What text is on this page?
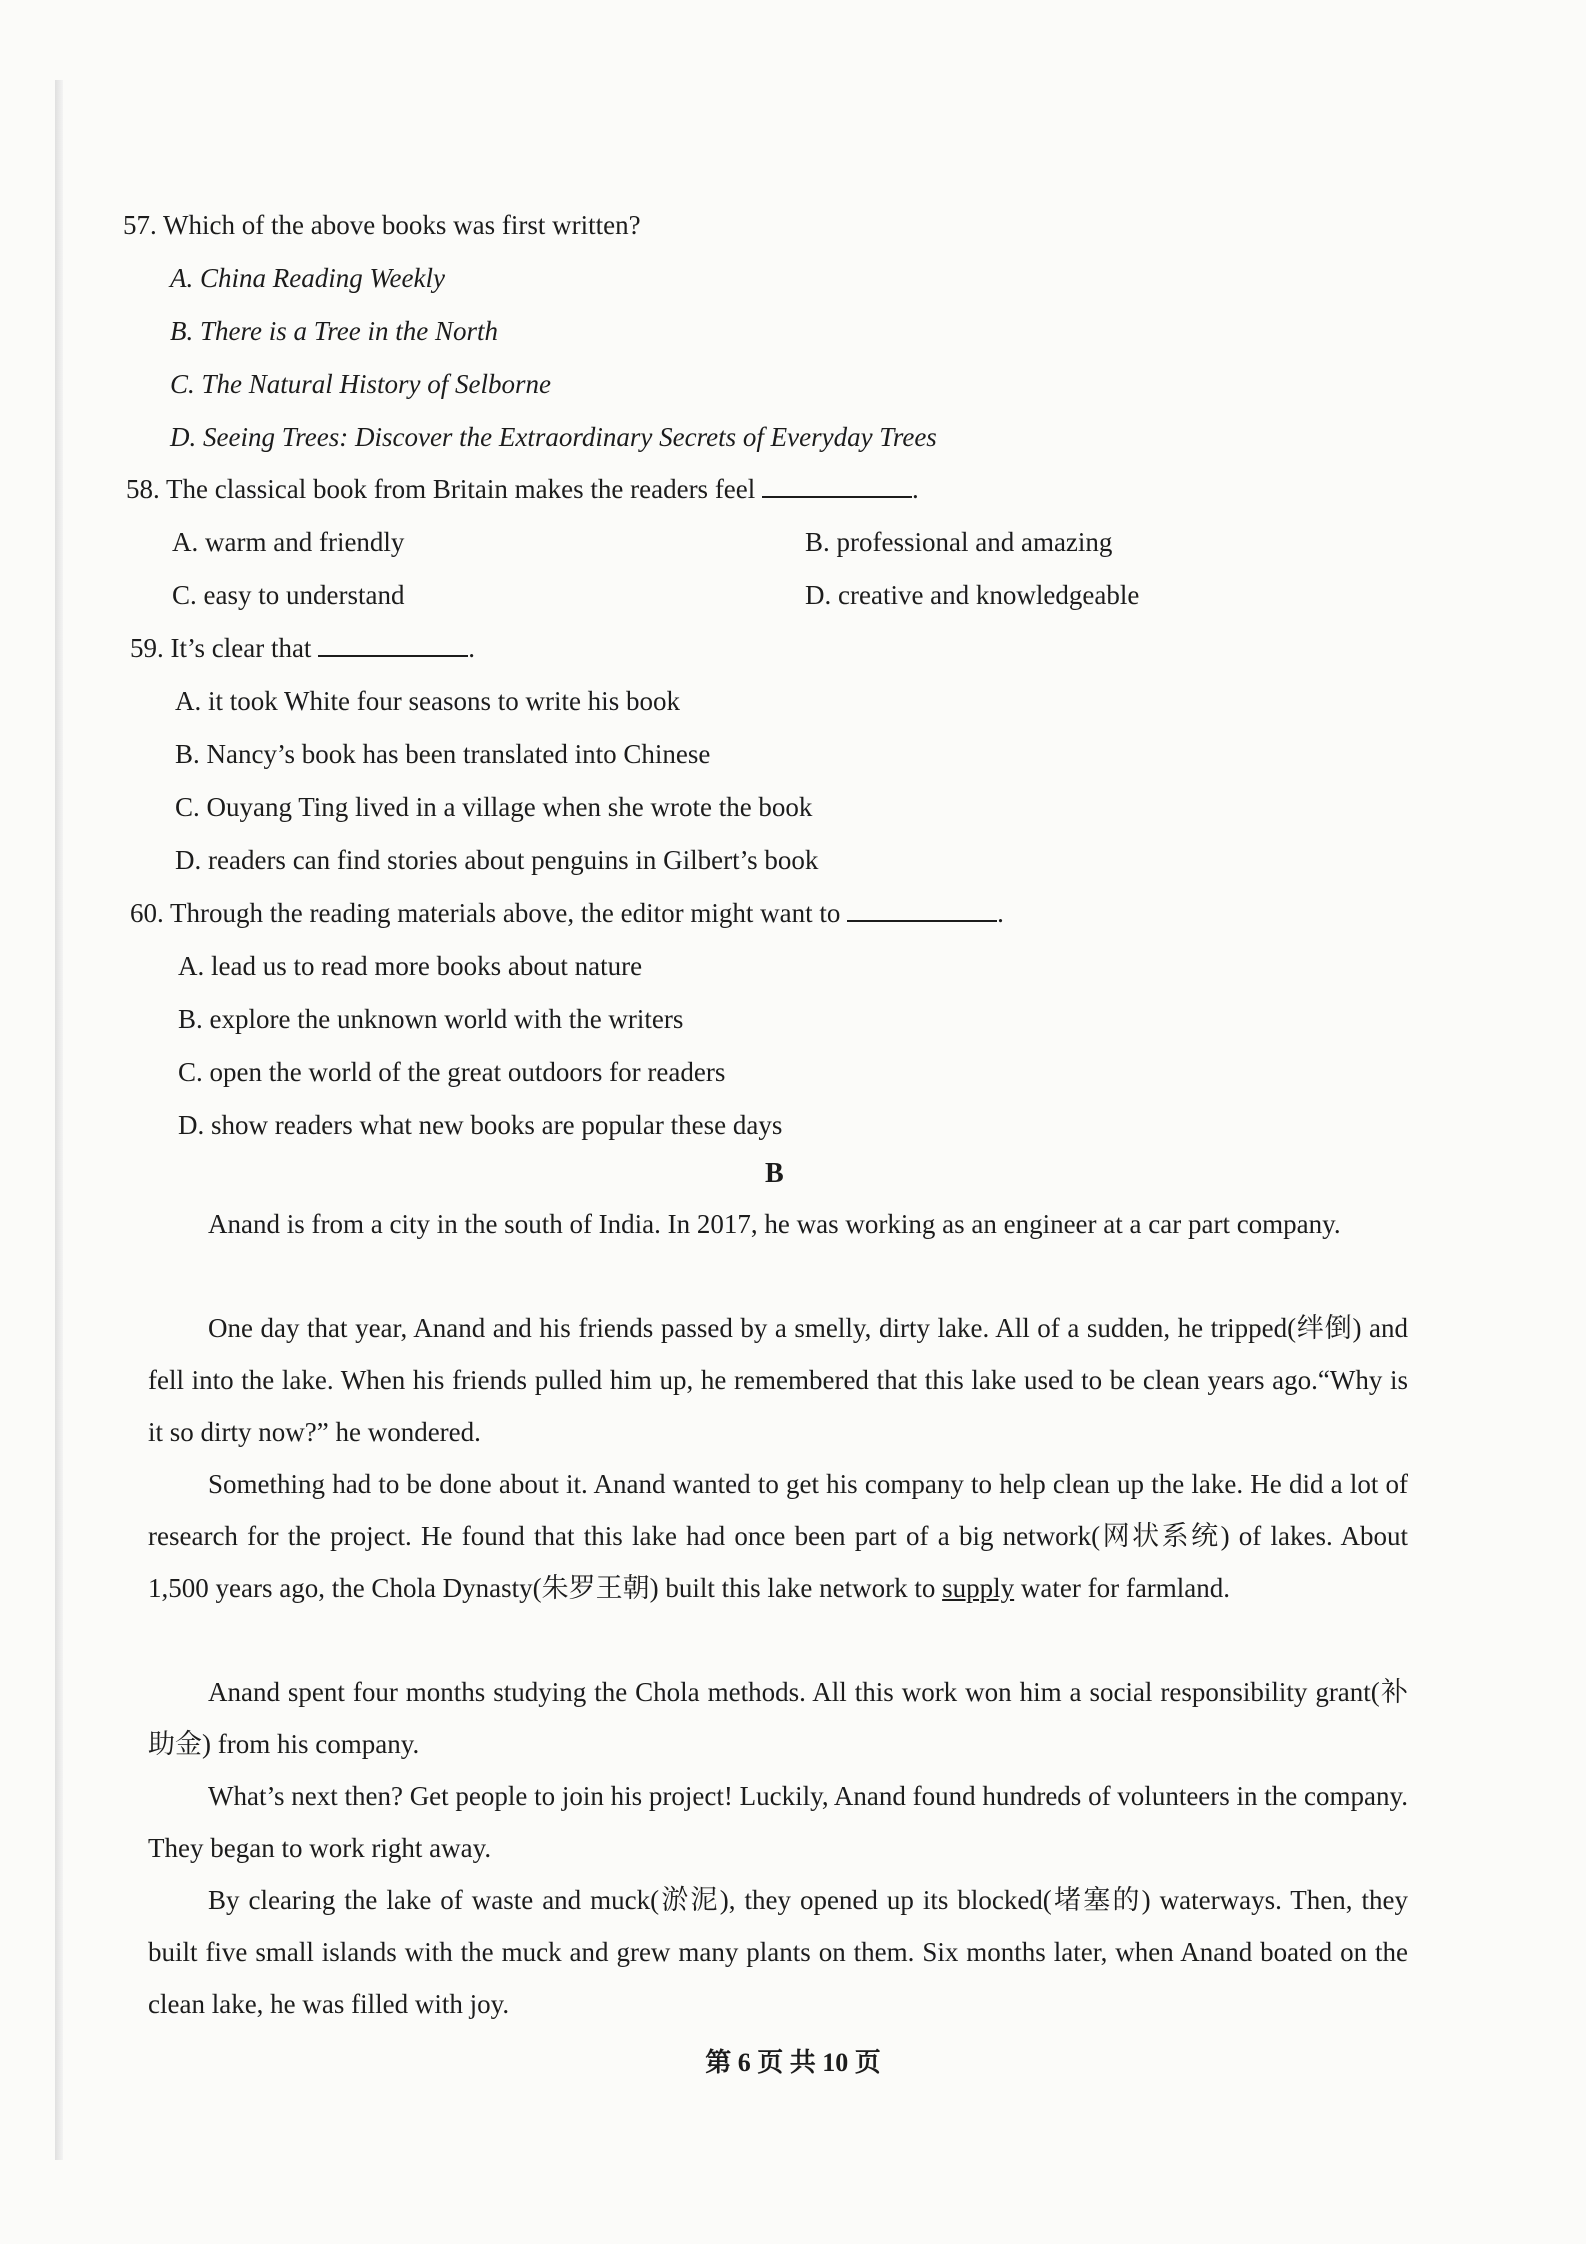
57. Which of the above books was first written?
A. China Reading Weekly
B. There is a Tree in the North
C. The Natural History of Selborne
D. Seeing Trees: Discover the Extraordinary Secrets of Everyday Trees
58. The classical book from Britain makes the readers feel	.
A. warm and friendly	B. professional and amazing
C. easy to understand	D. creative and knowledgeable
59. It’s clear that	.
A. it took White four seasons to write his book
B. Nancy’s book has been translated into Chinese
C. Ouyang Ting lived in a village when she wrote the book
D. readers can find stories about penguins in Gilbert’s book
60. Through the reading materials above, the editor might want to	.
A. lead us to read more books about nature
B. explore the unknown world with the writers
C. open the world of the great outdoors for readers
D. show readers what new books are popular these days
B
Anand is from a city in the south of India. In 2017, he was working as an engineer at a car part company.
One day that year, Anand and his friends passed by a smelly, dirty lake. All of a sudden, he tripped(绊倒) and fell into the lake. When his friends pulled him up, he remembered that this lake used to be clean years ago.“Why is it so dirty now?” he wondered.
Something had to be done about it. Anand wanted to get his company to help clean up the lake. He did a lot of research for the project. He found that this lake had once been part of a big network(网状系统) of lakes. About 1,500 years ago, the Chola Dynasty(朱罗王朝) built this lake network to supply water for farmland.
Anand spent four months studying the Chola methods. All this work won him a social responsibility grant(补助金) from his company.
What’s next then? Get people to join his project! Luckily, Anand found hundreds of volunteers in the company. They began to work right away.
By clearing the lake of waste and muck(淤泥), they opened up its blocked(堵塞的) waterways. Then, they built five small islands with the muck and grew many plants on them. Six months later, when Anand boated on the clean lake, he was filled with joy.
第 6 页 共 10 页
